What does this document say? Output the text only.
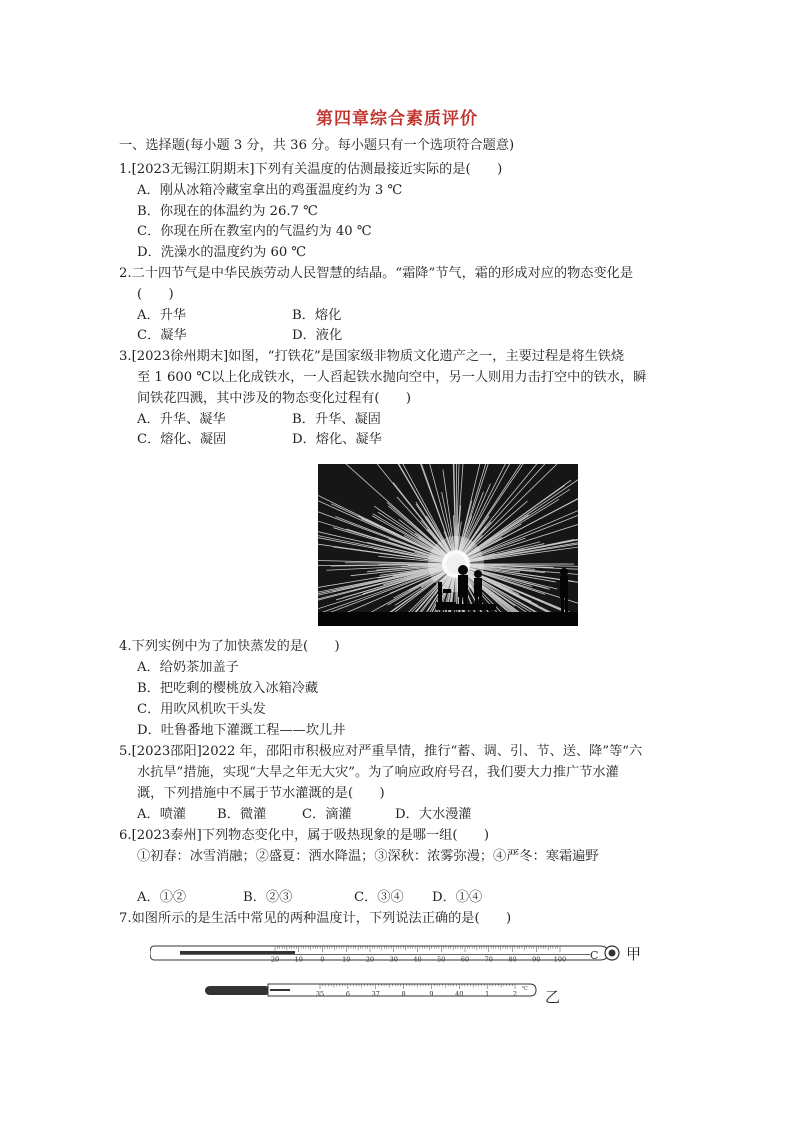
第四章综合素质评价
一、选择题(每小题 3 分，共 36 分。每小题只有一个选项符合题意)
1.[2023无锡江阴期末]下列有关温度的估测最接近实际的是(　　)
A．刚从冰箱冷藏室拿出的鸡蛋温度约为 3 ℃
B．你现在的体温约为 26.7 ℃
C．你现在所在教室内的气温约为 40 ℃
D．洗澡水的温度约为 60 ℃
2.二十四节气是中华民族劳动人民智慧的结晶。“霜降”节气，霜的形成对应的物态变化是
(　　)
A．升华	B．熔化
C．凝华	D．液化
3.[2023徐州期末]如图，“打铁花”是国家级非物质文化遗产之一，主要过程是将生铁烧
至 1 600 ℃以上化成铁水，一人舀起铁水抛向空中，另一人则用力击打空中的铁水，瞬
间铁花四溅，其中涉及的物态变化过程有(　　)
A．升华、凝华	B．升华、凝固
C．熔化、凝固	D．熔化、凝华
4.下列实例中为了加快蒸发的是(　　)
A．给奶茶加盖子
B．把吃剩的樱桃放入冰箱冷藏
C．用吹风机吹干头发
D．吐鲁番地下灌溉工程——坎儿井
5.[2023邵阳]2022 年，邵阳市积极应对严重旱情，推行“蓄、调、引、节、送、降”等“六
水抗旱”措施，实现“大旱之年无大灾”。为了响应政府号召，我们要大力推广节水灌
溉，下列措施中不属于节水灌溉的是(　　)
A．喷灌 B．微灌	C．滴灌	D．大水漫灌
6.[2023泰州]下列物态变化中，属于吸热现象的是哪一组(　　)
①初春：冰雪消融；②盛夏：洒水降温；③深秋：浓雾弥漫；④严冬：寒霜遍野
A．①②	B．②③	C．③④ D．①④
7.如图所示的是生活中常见的两种温度计，下列说法正确的是(　　)
20 10	0	10 20 30 40 50 60 70 80 90 100 C 甲
35	6	37	8	9	40	1	2
℃ 乙
